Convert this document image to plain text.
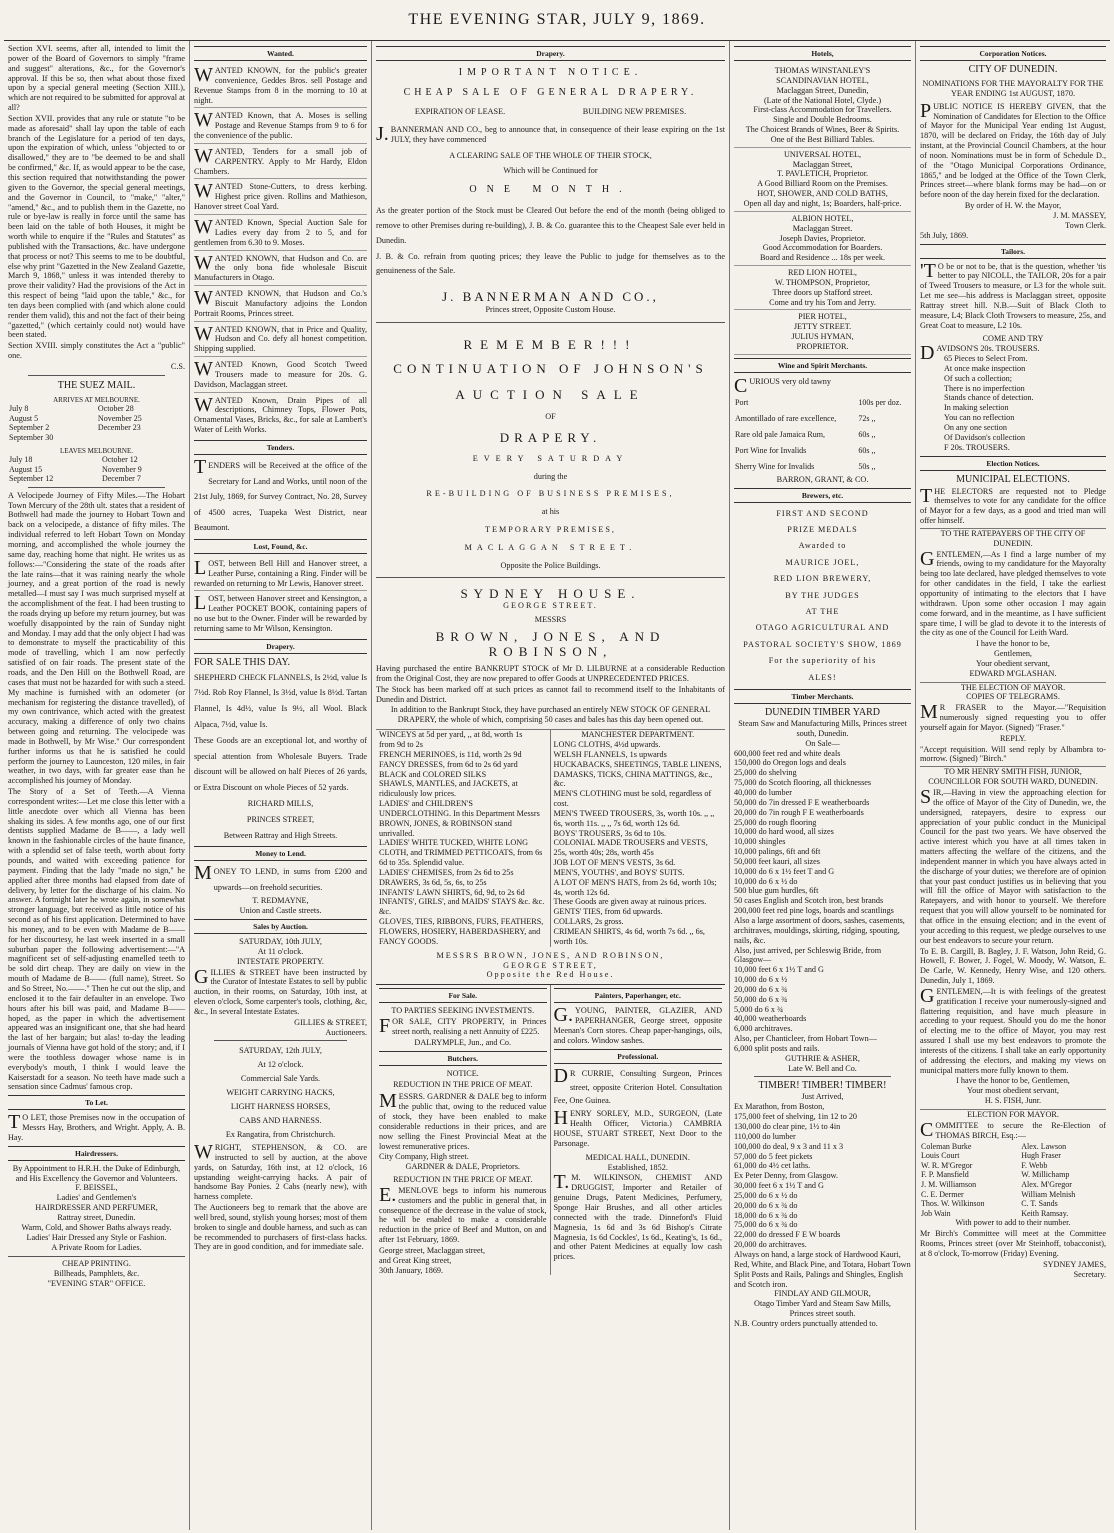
THE EVENING STAR, JULY 9, 1869.

Section XVI. seems, after all, intended to limit the power of the Board of Governors to simply "frame and suggest" alterations, &c., for the Governor's approval. If this be so, then what about those fixed upon by a special general meeting (Section XIII.), which are not required to be submitted for approval at all?

Section XVII. provides that any rule or statute "to be made as aforesaid" shall lay upon the table of each branch of the Legislature for a period of ten days, upon the expiration of which, unless "objected to or disallowed," they are to "be deemed to be and shall be confirmed," &c. If, as would appear to be the case, this section required that notwithstanding the power given to the Governor, the special general meetings, and the Governor in Council, to "make," "alter," "amend," &c., and to publish them in the Gazette, no rule or bye-law is really in force until the same has been laid on the table of both Houses, it might be worth while to enquire if the "Rules and Statutes" as published with the Transactions, &c. have undergone that process or not? This seems to me to be doubtful, else why print "Gazetted in the New Zealand Gazette, March 9, 1868," unless it was intended thereby to prove their validity? Had the provisions of the Act in this respect of being "laid upon the table," &c., for ten days been complied with (and which alone could render them valid), this and not the fact of their being "gazetted," (which certainly could not) would have been stated.

Section XVIII. simply constitutes the Act a "public" one.

C.S.
THE SUEZ MAIL.
ARRIVES AT MELBOURNE.
July 8	October 28
August 5	November 25
September 2	December 23
September 30	
LEAVES MELBOURNE.
July 18	October 12
August 15	November 9
September 12	December 7

A Velocipede Journey of Fifty Miles.—The Hobart Town Mercury of the 28th ult. states that a resident of Bothwell had made the journey to Hobart Town and back on a velocipede, a distance of fifty miles. The individual referred to left Hobart Town on Monday morning, and accomplished the whole journey the same day, reaching home that night. He writes us as follows:—"Considering the state of the roads after the late rains—that it was raining nearly the whole journey, and a great portion of the road is newly metalled—I must say I was much surprised myself at the accomplishment of the feat. I had been trusting to the roads drying up before my return journey, but was woefully disappointed by the rain of Sunday night and Monday. I may add that the only object I had was to demonstrate to myself the practicability of this mode of travelling, which I am now perfectly satisfied of on fair roads. The present state of the roads, and the Den Hill on the Bothwell Road, are cases that must not be hazarded for with such a steed. My machine is furnished with an odometer (or mechanism for registering the distance travelled), of my own contrivance, which acted with the greatest accuracy, making a difference of only two chains between going and returning. The velocipede was made in Bothwell, by Mr Wise." Our correspondent further informs us that he is satisfied he could perform the journey to Launceston, 120 miles, in fair weather, in two days, with far greater ease than he accomplished his journey of Monday.

The Story of a Set of Teeth.—A Vienna correspondent writes:—Let me close this letter with a little anecdote over which all Vienna has been shaking its sides. A few months ago, one of our first dentists supplied Madame de B——, a lady well known in the fashionable circles of the haute finance, with a splendid set of false teeth, worth about forty pounds, and waited with exceeding patience for payment. Finding that the lady "made no sign," he applied after three months had elapsed from date of delivery, by letter for the discharge of his claim. No answer. A fortnight later he wrote again, in somewhat stronger language, but received as little notice of his second as of his first application. Determined to have his money, and to be even with Madame de B—— for her discourtesy, he last week inserted in a small suburban paper the following advertisement:—"A magnificent set of self-adjusting enamelled teeth to be sold dirt cheap. They are daily on view in the mouth of Madame de B—— (full name), Street. So and So Street, No.——." Then he cut out the slip, and enclosed it to the fair defaulter in an envelope. Two hours after his bill was paid, and Madame B—— hoped, as the paper in which the advertisement appeared was an insignificant one, that she had heard the last of her bargain; but alas! to-day the leading journals of Vienna have got hold of the story; and, if I were the toothless dowager whose name is in everybody's mouth, I think I would leave the Kaiserstadt for a season. No teeth have made such a sensation since Cadmus' famous crop.

To Let.

TO LET, those Premises now in the occupation of Messrs Hay, Brothers, and Wright. Apply, A. B. Hay.

Hairdressers.
By Appointment to H.R.H. the Duke of Edinburgh, and His Excellency the Governor and Volunteers.
F. BEISSEL,
Ladies' and Gentlemen's
HAIRDRESSER AND PERFUMER,
Rattray street, Dunedin.
Warm, Cold, and Shower Baths always ready.
Ladies' Hair Dressed any Style or Fashion.
A Private Room for Ladies.
CHEAP PRINTING.
Billheads, Pamphlets, &c.
"EVENING STAR" OFFICE.
Wanted.

WANTED KNOWN, for the public's greater convenience, Geddes Bros. sell Postage and Revenue Stamps from 8 in the morning to 10 at night.

WANTED Known, that A. Moses is selling Postage and Revenue Stamps from 9 to 6 for the convenience of the public.

WANTED, Tenders for a small job of CARPENTRY. Apply to Mr Hardy, Eldon Chambers.

WANTED Stone-Cutters, to dress kerbing. Highest price given. Rollins and Mathieson, Hanover street Coal Yard.

WANTED Known, Special Auction Sale for Ladies every day from 2 to 5, and for gentlemen from 6.30 to 9. Moses.

WANTED KNOWN, that Hudson and Co. are the only bona fide wholesale Biscuit Manufacturers in Otago.

WANTED KNOWN, that Hudson and Co.'s Biscuit Manufactory adjoins the London Portrait Rooms, Princes street.

WANTED KNOWN, that in Price and Quality, Hudson and Co. defy all honest competition. Shipping supplied.

WANTED Known, Good Scotch Tweed Trousers made to measure for 20s. G. Davidson, Maclaggan street.

WANTED Known, Drain Pipes of all descriptions, Chimney Tops, Flower Pots, Ornamental Vases, Bricks, &c., for sale at Lambert's Water of Leith Works.

Tenders.

TENDERS will be Received at the office of the Secretary for Land and Works, until noon of the 21st July, 1869, for Survey Contract, No. 28, Survey of 4500 acres, Tuapeka West District, near Beaumont.

Lost, Found, &c.

LOST, between Bell Hill and Hanover street, a Leather Purse, containing a Ring. Finder will be rewarded on returning to Mr Lewis, Hanover street.

LOST, between Hanover street and Kensington, a Leather POCKET BOOK, containing papers of no use but to the Owner. Finder will be rewarded by returning same to Mr Wilson, Kensington.

Drapery.
FOR SALE THIS DAY.

SHEPHERD CHECK FLANNELS, Is 2½d, value Is 7½d. Rob Roy Flannel, Is 3½d, value Is 8½d. Tartan Flannel, Is 4d½, value Is 9½, all Wool. Black Alpaca, 7½d, value Is.

These Goods are an exceptional lot, and worthy of special attention from Wholesale Buyers. Trade discount will be allowed on half Pieces of 26 yards, or Extra Discount on whole Pieces of 52 yards.

RICHARD MILLS,
PRINCES STREET,
Between Rattray and High Streets.
Money to Lend.

MONEY TO LEND, in sums from £200 and upwards—on freehold securities.

T. REDMAYNE,
Union and Castle streets.
Sales by Auction.
SATURDAY, 10th JULY,
At 11 o'clock.
INTESTATE PROPERTY.

GILLIES & STREET have been instructed by the Curator of Intestate Estates to sell by public auction, in their rooms, on Saturday, 10th inst, at eleven o'clock, Some carpenter's tools, clothing, &c, &c., In several Intestate Estates.

GILLIES & STREET,
Auctioneers.
SATURDAY, 12th JULY,
At 12 o'clock.
Commercial Sale Yards.
WEIGHT CARRYING HACKS,
LIGHT HARNESS HORSES,
CABS AND HARNESS.
Ex Rangatira, from Christchurch.

WRIGHT, STEPHENSON, & CO. are instructed to sell by auction, at the above yards, on Saturday, 16th inst, at 12 o'clock, 16 upstanding weight-carrying hacks. A pair of handsome Bay Ponies. 2 Cabs (nearly new), with harness complete.

The Auctioneers beg to remark that the above are well bred, sound, stylish young horses; most of them broken to single and double harness, and such as can be recommended to purchasers of first-class hacks. They are in good condition, and for immediate sale.

Drapery.
IMPORTANT NOTICE.
CHEAP SALE OF GENERAL DRAPERY.
EXPIRATION OF LEASE.	BUILDING NEW PREMISES.

J.BANNERMAN AND CO., beg to announce that, in consequence of their lease expiring on the 1st JULY, they have commenced

A CLEARING SALE OF THE WHOLE OF THEIR STOCK,
Which will be Continued for
ONE MONTH.

As the greater portion of the Stock must be Cleared Out before the end of the month (being obliged to remove to other Premises during re-building), J. B. & Co. guarantee this to the Cheapest Sale ever held in Dunedin.

J. B. & Co. refrain from quoting prices; they leave the Public to judge for themselves as to the genuineness of the Sale.

J. BANNERMAN AND CO.,
Princes street, Opposite Custom House.
REMEMBER!!!
CONTINUATION OF JOHNSON'S
AUCTION SALE
OF
DRAPERY.
EVERY SATURDAY
during the
RE-BUILDING OF BUSINESS PREMISES,
at his
TEMPORARY PREMISES,
MACLAGGAN STREET.
Opposite the Police Buildings.
SYDNEY HOUSE.
GEORGE STREET.
MESSRS
BROWN, JONES, AND ROBINSON,

Having purchased the entire BANKRUPT STOCK of Mr D. LILBURNE at a considerable Reduction from the Original Cost, they are now prepared to offer Goods at UNPRECEDENTED PRICES.

The Stock has been marked off at such prices as cannot fail to recommend itself to the Inhabitants of Dunedin and District.

In addition to the Bankrupt Stock, they have purchased an entirely NEW STOCK OF GENERAL DRAPERY, the whole of which, comprising 50 cases and bales has this day been opened out.

WINCEYS at 5d per yard, ,, at 8d, worth 1s
from 9d to 2s
FRENCH MERINOES, is 11d, worth 2s 9d
FANCY DRESSES, from 6d to 2s 6d yard
BLACK and COLORED SILKS
SHAWLS, MANTLES, and JACKETS, at ridiculously low prices.
LADIES' and CHILDREN'S UNDERCLOTHING. In this Department Messrs BROWN, JONES, & ROBINSON stand unrivalled.
LADIES' WHITE TUCKED, WHITE LONG CLOTH, and TRIMMED PETTICOATS, from 6s 6d to 35s. Splendid value.
LADIES' CHEMISES, from 2s 6d to 25s
DRAWERS, 3s 6d, 5s, 6s, to 25s
INFANTS' LAWN SHIRTS, 6d, 9d, to 2s 6d
INFANTS', GIRLS', and MAIDS' STAYS &c. &c. &c.
GLOVES, TIES, RIBBONS, FURS, FEATHERS, FLOWERS, HOSIERY, HABERDASHERY, and FANCY GOODS.
MANCHESTER DEPARTMENT.
LONG CLOTHS, 4½d upwards.
WELSH FLANNELS, 1s upwards
HUCKABACKS, SHEETINGS, TABLE LINENS, DAMASKS, TICKS, CHINA MATTINGS, &c., &c.
MEN'S CLOTHING must be sold, regardless of cost.
MEN'S TWEED TROUSERS, 3s, worth 10s. ,, ,, 6s, worth 11s. ,, ,, 7s 6d, worth 12s 6d.
BOYS' TROUSERS, 3s 6d to 10s.
COLONIAL MADE TROUSERS and VESTS, 25s, worth 40s; 28s, worth 45s
JOB LOT OF MEN'S VESTS, 3s 6d.
MEN'S, YOUTHS', and BOYS' SUITS.
A LOT OF MEN'S HATS, from 2s 6d, worth 10s; 4s, worth 12s 6d.
These Goods are given away at ruinous prices.
GENTS' TIES, from 6d upwards.
COLLARS, 2s gross.
CRIMEAN SHIRTS, 4s 6d, worth 7s 6d. ,, 6s, worth 10s.
MESSRS BROWN, JONES, AND ROBINSON,
GEORGE STREET,
Opposite the Red House.
For Sale.
TO PARTIES SEEKING INVESTMENTS.

FOR SALE, CITY PROPERTY, in Princes street north, realising a nett Annuity of £225.

DALRYMPLE, Jun., and Co.
Butchers.
NOTICE.
REDUCTION IN THE PRICE OF MEAT.

MESSRS. GARDNER & DALE beg to inform the public that, owing to the reduced value of stock, they have been enabled to make considerable reductions in their prices, and are now selling the Finest Provincial Meat at the lowest remunerative prices.

City Company, High street.
GARDNER & DALE, Proprietors.
REDUCTION IN THE PRICE OF MEAT.

E.MENLOVE begs to inform his numerous customers and the public in general that, in consequence of the decrease in the value of stock, he will be enabled to make a considerable reduction in the price of Beef and Mutton, on and after 1st February, 1869.

George street, Maclaggan street,
and Great King street,
30th January, 1869.
Painters, Paperhanger, etc.

G.YOUNG, PAINTER, GLAZIER, AND PAPERHANGER, George street, opposite Meenan's Corn stores. Cheap paper-hangings, oils, and colors. Window sashes.

Professional.

DR CURRIE, Consulting Surgeon, Princes street, opposite Criterion Hotel. Consultation Fee, One Guinea.

HENRY SORLEY, M.D., SURGEON, (Late Health Officer, Victoria.) CAMBRIA HOUSE, STUART STREET, Next Door to the Parsonage.

MEDICAL HALL, DUNEDIN.
Established, 1852.

T.M. WILKINSON, CHEMIST AND DRUGGIST, Importer and Retailer of genuine Drugs, Patent Medicines, Perfumery, Sponge Hair Brushes, and all other articles connected with the trade. Dinneford's Fluid Magnesia, 1s 6d and 3s 6d Bishop's Citrate Magnesia, 1s 6d Cockles', 1s 6d., Keating's, 1s 6d., and other Patent Medicines at equally low cash prices.

Hotels,
THOMAS WINSTANLEY'S
SCANDINAVIAN HOTEL,
Maclaggan Street, Dunedin,
(Late of the National Hotel, Clyde.)
First-class Accommodation for Travellers.
Single and Double Bedrooms.
The Choicest Brands of Wines, Beer & Spirits.
One of the Best Billiard Tables.
UNIVERSAL HOTEL,
Maclaggan Street,
T. PAVLETICH, Proprietor.
A Good Billiard Room on the Premises.
HOT, SHOWER, AND COLD BATHS,
Open all day and night, 1s; Boarders, half-price.
ALBION HOTEL,
Maclaggan Street.
Joseph Davies, Proprietor.
Good Accommodation for Boarders.
Board and Residence ... 18s per week.
RED LION HOTEL,
W. THOMPSON, Proprietor,
Three doors up Stafford street.
Come and try his Tom and Jerry.
PIER HOTEL,
JETTY STREET.
JULIUS HYMAN,
PROPRIETOR.
Wine and Spirit Merchants.

CURIOUS very old tawny

Port	100s per doz.
Amontillado of rare excellence,	72s ,,
Rare old pale Jamaica Rum,	60s ,,
Port Wine for Invalids	60s ,,
Sherry Wine for Invalids	50s ,,
BARRON, GRANT, & CO.
Brewers, etc.
FIRST AND SECOND
PRIZE MEDALS
Awarded to
MAURICE JOEL,
RED LION BREWERY,
BY THE JUDGES
AT THE
OTAGO AGRICULTURAL AND
PASTORAL SOCIETY'S SHOW, 1869
For the superiority of his
ALES!
Timber Merchants.
DUNEDIN TIMBER YARD
Steam Saw and Manufacturing Mills, Princes street south, Dunedin.
On Sale—
600,000 feet red and white deals
150,000 do Oregon logs and deals
25,000 do shelving
75,000 do Scotch flooring, all thicknesses
40,000 do lumber
50,000 do 7in dressed F E weatherboards
20,000 do 7in rough F E weatherboards
25,000 do rough flooring
10,000 do hard wood, all sizes
10,000 shingles
10,000 palings, 6ft and 6ft
50,000 feet kauri, all sizes
10,000 do 6 x 1½ feet T and G
10,000 do 6 x ½ do
500 blue gum hurdles, 6ft
50 cases English and Scotch iron, best brands
200,000 feet red pine logs, boards and scantlings
Also a large assortment of doors, sashes, casements, architraves, mouldings, skirting, ridging, spouting, nails, &c.
Also, just arrived, per Schleswig Bride, from Glasgow—
10,000 feet 6 x 1½ T and G
10,000 do 6 x ½
20,000 do 6 x ¾
50,000 do 6 x ¾
5,000 do 6 x ¾
40,000 weatherboards
6,000 architraves.
Also, per Chanticleer, from Hobart Town—
6,000 split posts and rails.
GUTHRIE & ASHER,
Late W. Bell and Co.
TIMBER! TIMBER! TIMBER!
Just Arrived,
Ex Marathon, from Boston,
175,000 feet of shelving, 1in 12 to 20
130,000 do clear pine, 1½ to 4in
110,000 do lumber
100,000 do deal, 9 x 3 and 11 x 3
57,000 do 5 feet pickets
61,000 do 4½ cet laths.
Ex Peter Denny, from Glasgow.
30,000 feet 6 x 1½ T and G
25,000 do 6 x ½ do
20,000 do 6 x ¾ do
18,000 do 6 x ¾ do
75,000 do 6 x ¾ do
22,000 do dressed F E W boards
20,000 do architraves.
Always on hand, a large stock of Hardwood Kauri, Red, White, and Black Pine, and Totara, Hobart Town Split Posts and Rails, Palings and Shingles, English and Scotch iron.
FINDLAY AND GILMOUR,
Otago Timber Yard and Steam Saw Mills,
Princes street south.
N.B. Country orders punctually attended to.
Corporation Notices.
CITY OF DUNEDIN.
NOMINATIONS FOR THE MAYORALTY FOR THE YEAR ENDING 1st AUGUST, 1870.

PUBLIC NOTICE IS HEREBY GIVEN, that the Nomination of Candidates for Election to the Office of Mayor for the Municipal Year ending 1st August, 1870, will be declared on Friday, the 16th day of July instant, at the Provincial Council Chambers, at the hour of noon. Nominations must be in form of Schedule D., of the "Otago Municipal Corporations Ordinance, 1865," and be lodged at the Office of the Town Clerk, Princes street—where blank forms may be had—on or before noon of the day herein fixed for the declaration.

By order of H. W. the Mayor,
J. M. MASSEY,
Town Clerk.
5th July, 1869.
Tailors.

'TO be or not to be, that is the question, whether 'tis better to pay NICOLL, the TAILOR, 20s for a pair of Tweed Trousers to measure, or L3 for the whole suit. Let me see—his address is Maclaggan street, opposite Rattray street hill. N.B.—Suit of Black Cloth to measure, L4; Black Cloth Trowsers to measure, 25s, and Great Coat to measure, L2 10s.

COME AND TRY
DAVIDSON'S 20s. TROUSERS.
65 Pieces to Select From.
At once make inspection
Of such a collection;
There is no imperfection
Stands chance of detection.
In making selection
You can no reflection
On any one section
Of Davidson's collection
F 20s. TROUSERS.
Election Notices.
MUNICIPAL ELECTIONS.

THE ELECTORS are requested not to Pledge themselves to vote for any candidate for the office of Mayor for a few days, as a good and tried man will offer himself.

TO THE RATEPAYERS OF THE CITY OF DUNEDIN.

GENTLEMEN,—As I find a large number of my friends, owing to my candidature for the Mayoralty being too late declared, have pledged themselves to vote for other candidates in the field, I take the earliest opportunity of intimating to the electors that I have withdrawn. Upon some other occasion I may again come forward, and in the meantime, as I have sufficient spare time, I will be glad to devote it to the interests of the city as one of the Council for Leith Ward.

I have the honor to be,
Gentlemen,
Your obedient servant,
EDWARD M'GLASHAN.
THE ELECTION OF MAYOR.
COPIES OF TELEGRAMS.

MR FRASER to the Mayor.—"Requisition numerously signed requesting you to offer yourself again for Mayor. (Signed) "Fraser."

REPLY.

"Accept requisition. Will send reply by Albambra to-morrow. (Signed) "Birch."

TO MR HENRY SMITH FISH, JUNIOR, COUNCILLOR FOR SOUTH WARD, DUNEDIN.

SIR,—Having in view the approaching election for the office of Mayor of the City of Dunedin, we, the undersigned, ratepayers, desire to express our appreciation of your public conduct in the Municipal Council for the past two years. We have observed the active interest which you have at all times taken in matters affecting the welfare of the citizens, and the independent manner in which you have always acted in the discharge of your duties; we therefore are of opinion that your past conduct justifies us in believing that you will fill the office of Mayor with satisfaction to the Ratepayers, and with honor to yourself. We therefore request that you will allow yourself to be nominated for that office in the ensuing election; and in the event of your acceding to this request, we pledge ourselves to use our best endeavors to secure your return.

To E. B. Cargill, B. Bagley, J. F. Watson, John Reid, G. Howell, F. Bower, J. Fogel, W. Moody, W. Watson, E. De Carle, W. Kennedy, Henry Wise, and 120 others. Dunedin, July 1, 1869.

GENTLEMEN,—It is with feelings of the greatest gratification I receive your numerously-signed and flattering requisition, and have much pleasure in acceding to your request. Should you do me the honor of electing me to the office of Mayor, you may rest assured I shall use my best endeavors to promote the interests of the citizens. I shall take an early opportunity of addressing the electors, and making my views on municipal matters more fully known to them.

I have the honor to be, Gentlemen,
Your most obedient servant,
H. S. FISH, Junr.
ELECTION FOR MAYOR.

COMMITTEE to secure the Re-Election of THOMAS BIRCH, Esq.:—

Coleman Burke	Alex. Lawson
Louis Court	Hugh Fraser
W. R. M'Gregor	F. Webb
F. P. Mansfield	W. Millichamp
J. M. Williamson	Alex. M'Gregor
C. E. Dermer	William Melnish
Thos. W. Wilkinson	C. T. Sands
Job Wain	Keith Ramsay.
With power to add to their number.

Mr Birch's Committee will meet at the Committee Rooms, Princes street (over Mr Steinhoff, tobacconist), at 8 o'clock, To-morrow (Friday) Evening.

SYDNEY JAMES,
Secretary.
